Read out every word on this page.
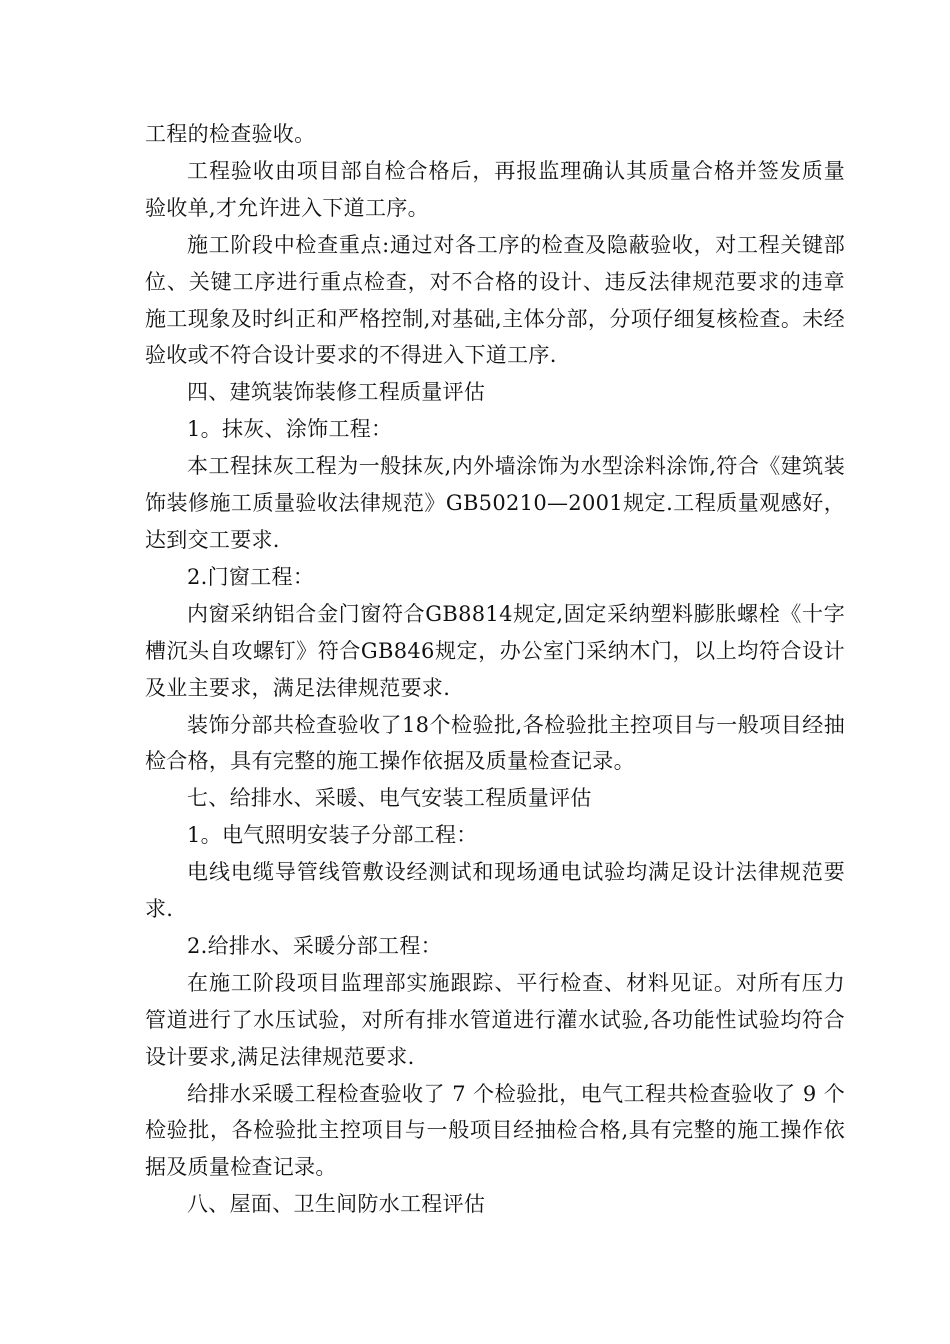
工程的检查验收。

工程验收由项目部自检合格后，再报监理确认其质量合格并签发质量验收单,才允许进入下道工序。

施工阶段中检查重点:通过对各工序的检查及隐蔽验收，对工程关键部位、关键工序进行重点检查，对不合格的设计、违反法律规范要求的违章施工现象及时纠正和严格控制,对基础,主体分部，分项仔细复核检查。未经验收或不符合设计要求的不得进入下道工序.

四、建筑装饰装修工程质量评估

1。抹灰、涂饰工程：

本工程抹灰工程为一般抹灰,内外墙涂饰为水型涂料涂饰,符合《建筑装饰装修施工质量验收法律规范》GB50210—2001规定.工程质量观感好，达到交工要求.

2.门窗工程：

内窗采纳铝合金门窗符合GB8814规定,固定采纳塑料膨胀螺栓《十字槽沉头自攻螺钉》符合GB846规定，办公室门采纳木门，以上均符合设计及业主要求，满足法律规范要求.

装饰分部共检查验收了18个检验批,各检验批主控项目与一般项目经抽检合格，具有完整的施工操作依据及质量检查记录。

七、给排水、采暖、电气安装工程质量评估

1。电气照明安装子分部工程：

电线电缆导管线管敷设经测试和现场通电试验均满足设计法律规范要求.

2.给排水、采暖分部工程：

在施工阶段项目监理部实施跟踪、平行检查、材料见证。对所有压力管道进行了水压试验，对所有排水管道进行灌水试验,各功能性试验均符合设计要求,满足法律规范要求.

给排水采暖工程检查验收了 7 个检验批，电气工程共检查验收了 9 个检验批，各检验批主控项目与一般项目经抽检合格,具有完整的施工操作依据及质量检查记录。

八、屋面、卫生间防水工程评估
